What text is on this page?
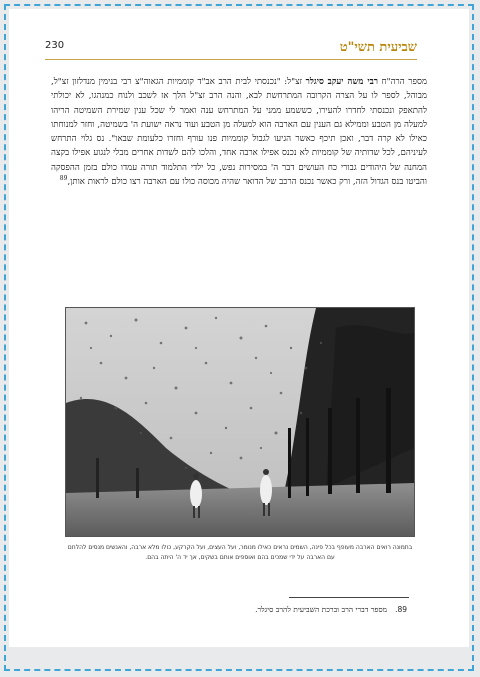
שביעית תשי"ט
230

מספר הרה"ח רבי משה יעקב סיגלר זצ"ל: "נכנסתי לבית הרב אב"ד קוממיות הגאוה"צ רבי בנימין מנדלזון זצ"ל, מבוהל, לספר לו על הצרה הקרובה המתרחשת לבא, והנה הרב זצ"ל הלך אז לשכב ולנוח כמנהגו, לא יכולתי להתאפק ונכנסתי לחדרו להעירו, כששמע ממני על המתרחש ענה ואמר לי שכל ענין שמירת השמיטה הריהו למעלה מן הטבע וממילא גם הענין עם הארבה הוא למעלה מן הטבע ועוד נראה ישועת ה' בשמיטה, וחזר למנוחתו כאילו לא קרה דבר, ואכן תיכף כאשר הגיעו לגבול קוממיות פנו עורף וחזרו כלעומת שבאו". נס גלוי התרחש לעיניהם, לכל שדותיה של קוממיות לא נכנס אפילו ארבה אחד, והלכו להם לשדות אחרים מבלי לנגוע אפילו בקצה המחנה של היהודים גבורי כח העושים דבר ה' במסירות נפש, כל ילדי התלמוד תורה עמדו כולם בזמן ההפסקה והביטו בנס הגדול הזה, ורק כאשר נכנס הרכב של הדואר שהיה מכוסה כולו עם הארבה רצו כולם לראות אותן,$^{89}$

בתמונה רואים הארבה מעופף בכל פינה, השמים נראים כאילו מנומר, ועל העצים, ועל הקרקע, כולו מלא ארבה, והאנשים מנסים להלחם עם הארבה על ידי שמכים בהם ואוספים אותם בשקים, אך יד ה' היתה בהם.

89.מספר דברי הרב וברכת השביעית להרב סיגלר.
